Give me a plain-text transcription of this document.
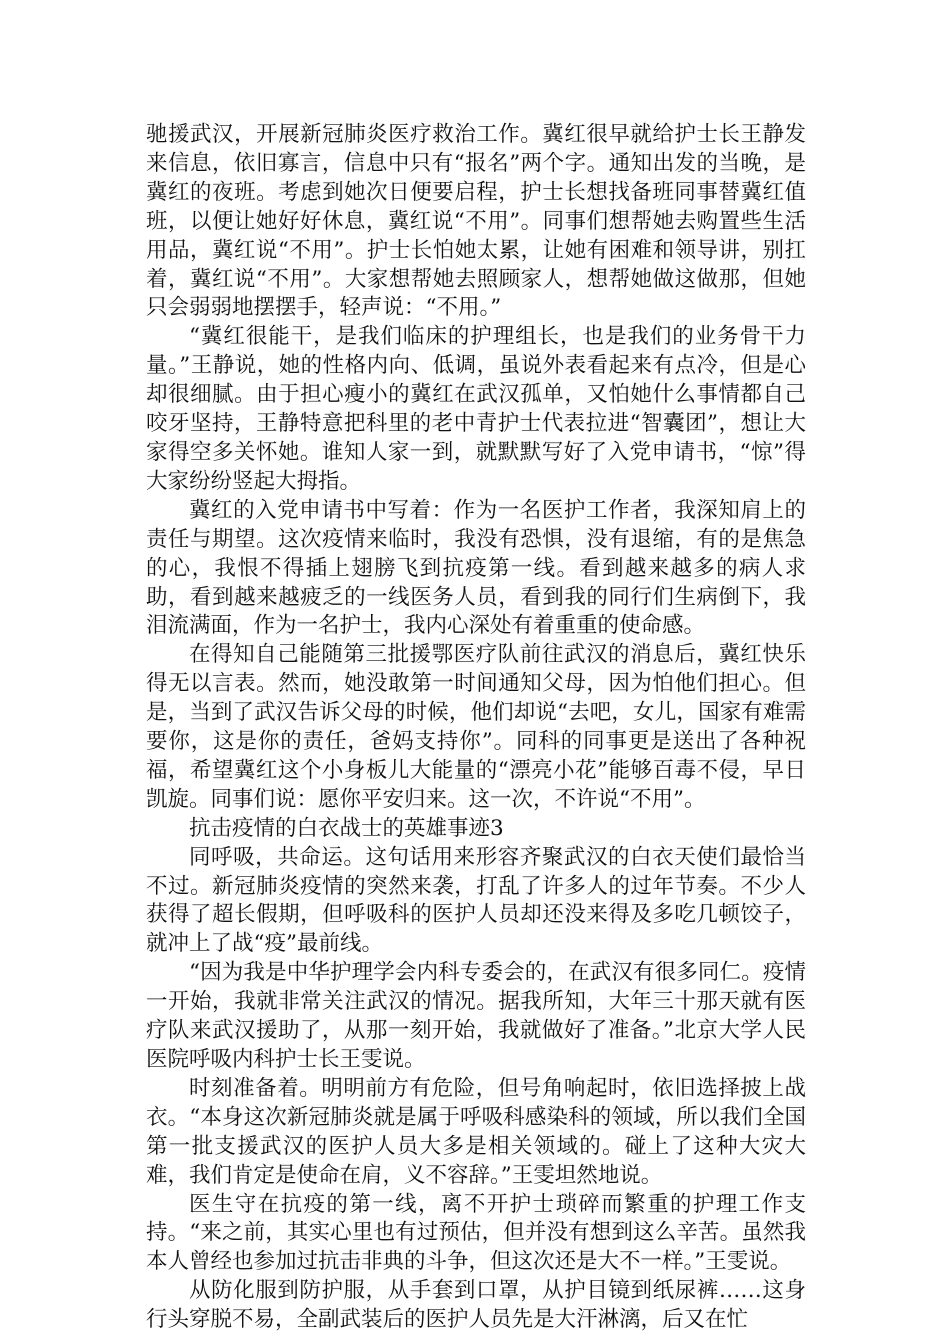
驰援武汉，开展新冠肺炎医疗救治工作。冀红很早就给护士长王静发来信息，依旧寡言，信息中只有“报名”两个字。通知出发的当晚，是冀红的夜班。考虑到她次日便要启程，护士长想找备班同事替冀红值班，以便让她好好休息，冀红说“不用”。同事们想帮她去购置些生活用品，冀红说“不用”。护士长怕她太累，让她有困难和领导讲，别扛着，冀红说“不用”。大家想帮她去照顾家人，想帮她做这做那，但她只会弱弱地摆摆手，轻声说：“不用。”

“冀红很能干，是我们临床的护理组长，也是我们的业务骨干力量。”王静说，她的性格内向、低调，虽说外表看起来有点冷，但是心却很细腻。由于担心瘦小的冀红在武汉孤单，又怕她什么事情都自己咬牙坚持，王静特意把科里的老中青护士代表拉进“智囊团”，想让大家得空多关怀她。谁知人家一到，就默默写好了入党申请书，“惊”得大家纷纷竖起大拇指。

冀红的入党申请书中写着：作为一名医护工作者，我深知肩上的责任与期望。这次疫情来临时，我没有恐惧，没有退缩，有的是焦急的心，我恨不得插上翅膀飞到抗疫第一线。看到越来越多的病人求助，看到越来越疲乏的一线医务人员，看到我的同行们生病倒下，我泪流满面，作为一名护士，我内心深处有着重重的使命感。

在得知自己能随第三批援鄂医疗队前往武汉的消息后，冀红快乐得无以言表。然而，她没敢第一时间通知父母，因为怕他们担心。但是，当到了武汉告诉父母的时候，他们却说“去吧，女儿，国家有难需要你，这是你的责任，爸妈支持你”。同科的同事更是送出了各种祝福，希望冀红这个小身板儿大能量的“漂亮小花”能够百毒不侵，早日凯旋。同事们说：愿你平安归来。这一次，不许说“不用”。

抗击疫情的白衣战士的英雄事迹3

同呼吸，共命运。这句话用来形容齐聚武汉的白衣天使们最恰当不过。新冠肺炎疫情的突然来袭，打乱了许多人的过年节奏。不少人获得了超长假期，但呼吸科的医护人员却还没来得及多吃几顿饺子，就冲上了战“疫”最前线。

“因为我是中华护理学会内科专委会的，在武汉有很多同仁。疫情一开始，我就非常关注武汉的情况。据我所知，大年三十那天就有医疗队来武汉援助了，从那一刻开始，我就做好了准备。”北京大学人民医院呼吸内科护士长王雯说。

时刻准备着。明明前方有危险，但号角响起时，依旧选择披上战衣。“本身这次新冠肺炎就是属于呼吸科感染科的领域，所以我们全国第一批支援武汉的医护人员大多是相关领域的。碰上了这种大灾大难，我们肯定是使命在肩，义不容辞。”王雯坦然地说。

医生守在抗疫的第一线，离不开护士琐碎而繁重的护理工作支持。“来之前，其实心里也有过预估，但并没有想到这么辛苦。虽然我本人曾经也参加过抗击非典的斗争，但这次还是大不一样。”王雯说。

从防化服到防护服，从手套到口罩，从护目镜到纸尿裤……这身行头穿脱不易，全副武装后的医护人员先是大汗淋漓，后又在忙
